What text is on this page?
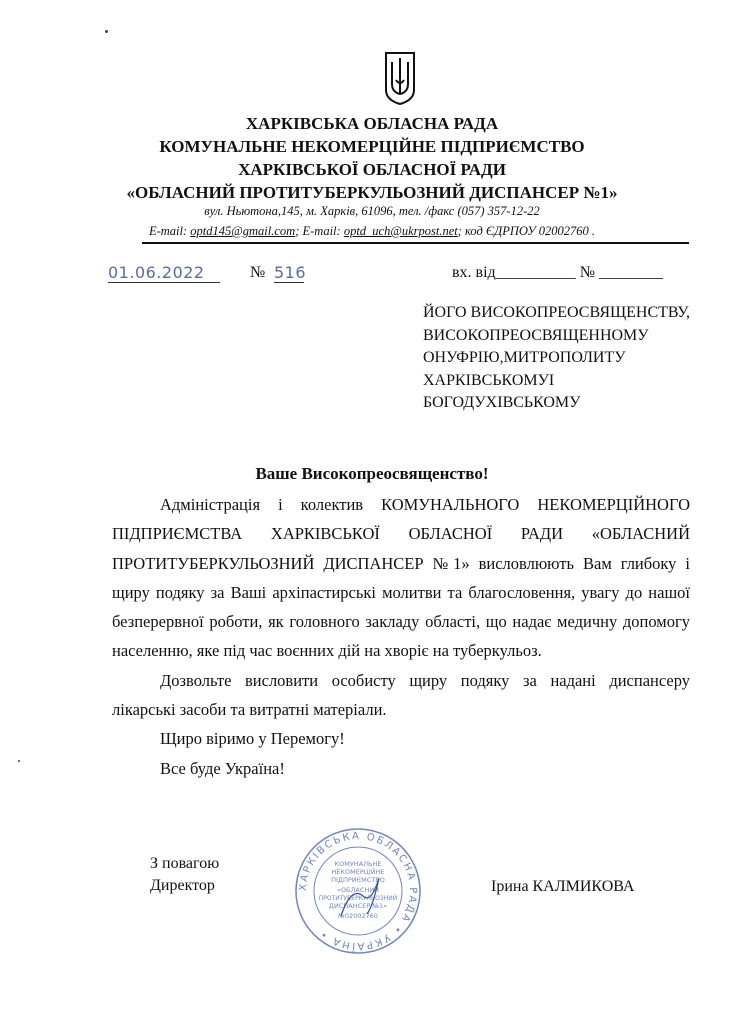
ХАРКІВСЬКА ОБЛАСНА РАДА
КОМУНАЛЬНЕ НЕКОМЕРЦІЙНЕ ПІДПРИЄМСТВО
ХАРКІВСЬКОЇ ОБЛАСНОЇ РАДИ
«ОБЛАСНИЙ ПРОТИТУБЕРКУЛЬОЗНИЙ ДИСПАНСЕР №1»
вул. Ньютона,145, м. Харків, 61096, тел. /факс (057) 357-12-22
E-mail: optd145@gmail.com; E-mail: optd_uch@ukrpost.net; код ЄДРПОУ 02002760 .
01.06.2022	№ 516	вх. від__________ № ________
ЙОГО ВИСОКОПРЕОСВЯЩЕНСТВУ,
ВИСОКОПРЕОСВЯЩЕННОМУ
ОНУФРІЮ,МИТРОПОЛИТУ
ХАРКІВСЬКОМУІ
БОГОДУХІВСЬКОМУ
Ваше Високопреосвященство!

Адміністрація і колектив КОМУНАЛЬНОГО НЕКОМЕРЦІЙНОГО ПІДПРИЄМСТВА ХАРКІВСЬКОЇ ОБЛАСНОЇ РАДИ «ОБЛАСНИЙ ПРОТИТУБЕРКУЛЬОЗНИЙ ДИСПАНСЕР №1» висловлюють Вам глибоку і щиру подяку за Ваші архіпастирські молитви та благословення, увагу до нашої безперервної роботи, як головного закладу області, що надає медичну допомогу населенню, яке під час воєнних дій на хворіє на туберкульоз.

Дозвольте висловити особисту щиру подяку за надані диспансеру лікарські засоби та витратні матеріали.

Щиро віримо у Перемогу!

Все буде Україна!

ХАРКІВСЬКА ОБЛАСНА РАДА • УКРАЇНА •
КОМУНАЛЬНЕ
НЕКОМЕРЦІЙНЕ
ПІДПРИЄМСТВО
«ОБЛАСНИЙ
ПРОТИТУБЕРКУЛЬОЗНИЙ
ДИСПАНСЕР №1»
№02002760
З повагою
Директор	Ірина КАЛМИКОВА
